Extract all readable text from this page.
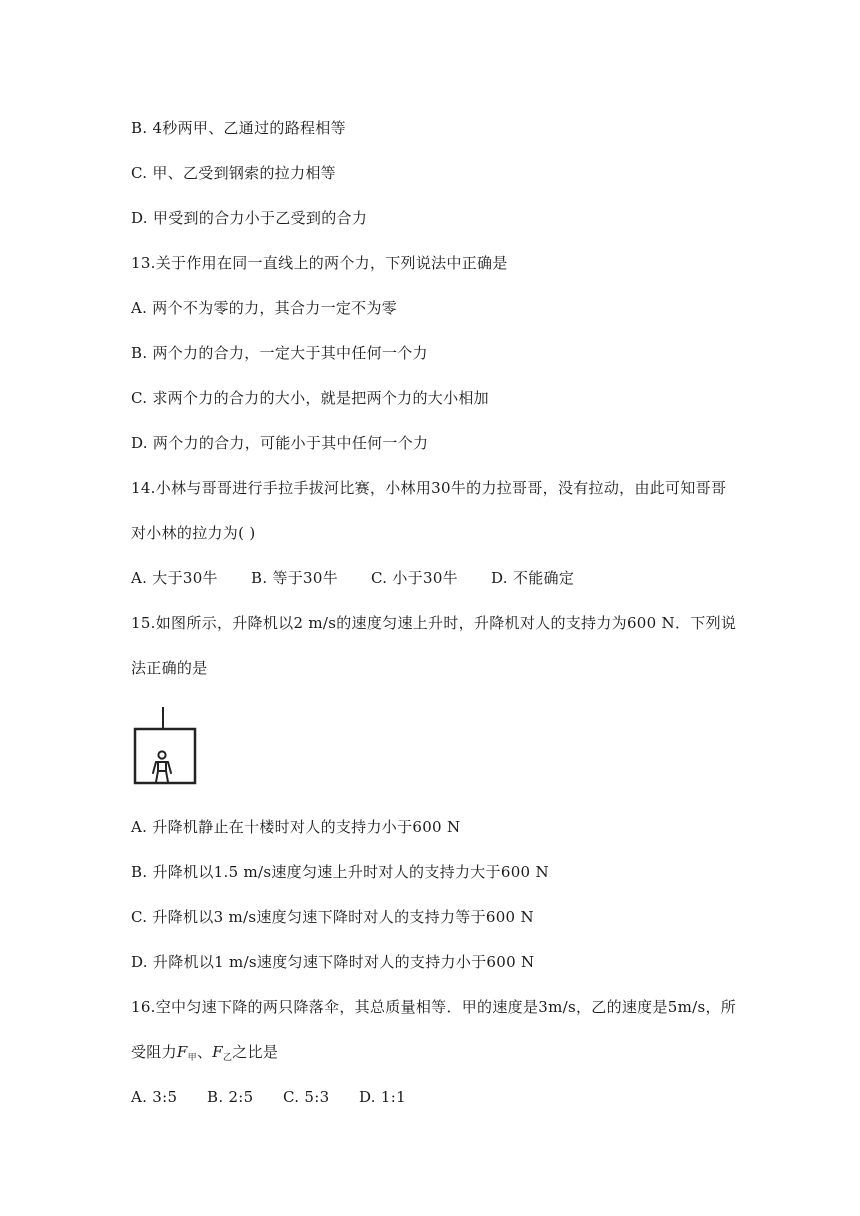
B. 4秒两甲、乙通过的路程相等
C. 甲、乙受到钢索的拉力相等
D. 甲受到的合力小于乙受到的合力
13.关于作用在同一直线上的两个力，下列说法中正确是
A. 两个不为零的力，其合力一定不为零
B. 两个力的合力，一定大于其中任何一个力
C. 求两个力的合力的大小，就是把两个力的大小相加
D. 两个力的合力，可能小于其中任何一个力
14.小林与哥哥进行手拉手拔河比赛，小林用30牛的力拉哥哥，没有拉动，由此可知哥哥
对小林的拉力为( )
A. 大于30牛 B. 等于30牛 C. 小于30牛 D. 不能确定
15.如图所示，升降机以2 m/s的速度匀速上升时，升降机对人的支持力为600 N．下列说
法正确的是
A. 升降机静止在十楼时对人的支持力小于600 N
B. 升降机以1.5 m/s速度匀速上升时对人的支持力大于600 N
C. 升降机以3 m/s速度匀速下降时对人的支持力等于600 N
D. 升降机以1 m/s速度匀速下降时对人的支持力小于600 N
16.空中匀速下降的两只降落伞，其总质量相等．甲的速度是3m/s，乙的速度是5m/s，所
受阻力$F_甲$、$F_乙$之比是
A. 3:5 B. 2:5 C. 5:3 D. 1:1
